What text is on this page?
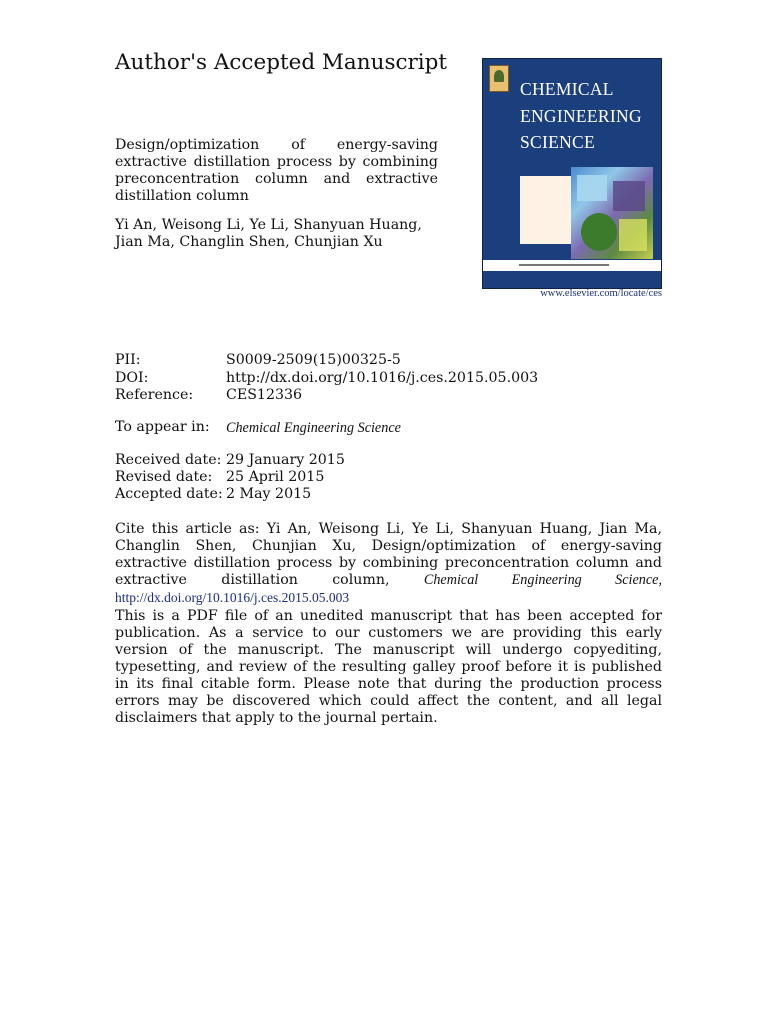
Author's Accepted Manuscript
Design/optimization of energy-saving extractive distillation process by combining preconcentration column and extractive distillation column
Yi An, Weisong Li, Ye Li, Shanyuan Huang, Jian Ma, Changlin Shen, Chunjian Xu
CHEMICAL
ENGINEERING
SCIENCE
www.elsevier.com/locate/ces
PII:	S0009-2509(15)00325-5
DOI:	http://dx.doi.org/10.1016/j.ces.2015.05.003
Reference: CES12336
To appear in: Chemical Engineering Science
Received date: 29 January 2015
Revised date: 25 April 2015
Accepted date: 2 May 2015
Cite this article as: Yi An, Weisong Li, Ye Li, Shanyuan Huang, Jian Ma, Changlin Shen, Chunjian Xu, Design/optimization of energy-saving extractive distillation process by combining preconcentration column and extractive distillation column, Chemical Engineering Science, http://dx.doi.org/10.1016/j.ces.2015.05.003
This is a PDF file of an unedited manuscript that has been accepted for publication. As a service to our customers we are providing this early version of the manuscript. The manuscript will undergo copyediting, typesetting, and review of the resulting galley proof before it is published in its final citable form. Please note that during the production process errors may be discovered which could affect the content, and all legal disclaimers that apply to the journal pertain.
